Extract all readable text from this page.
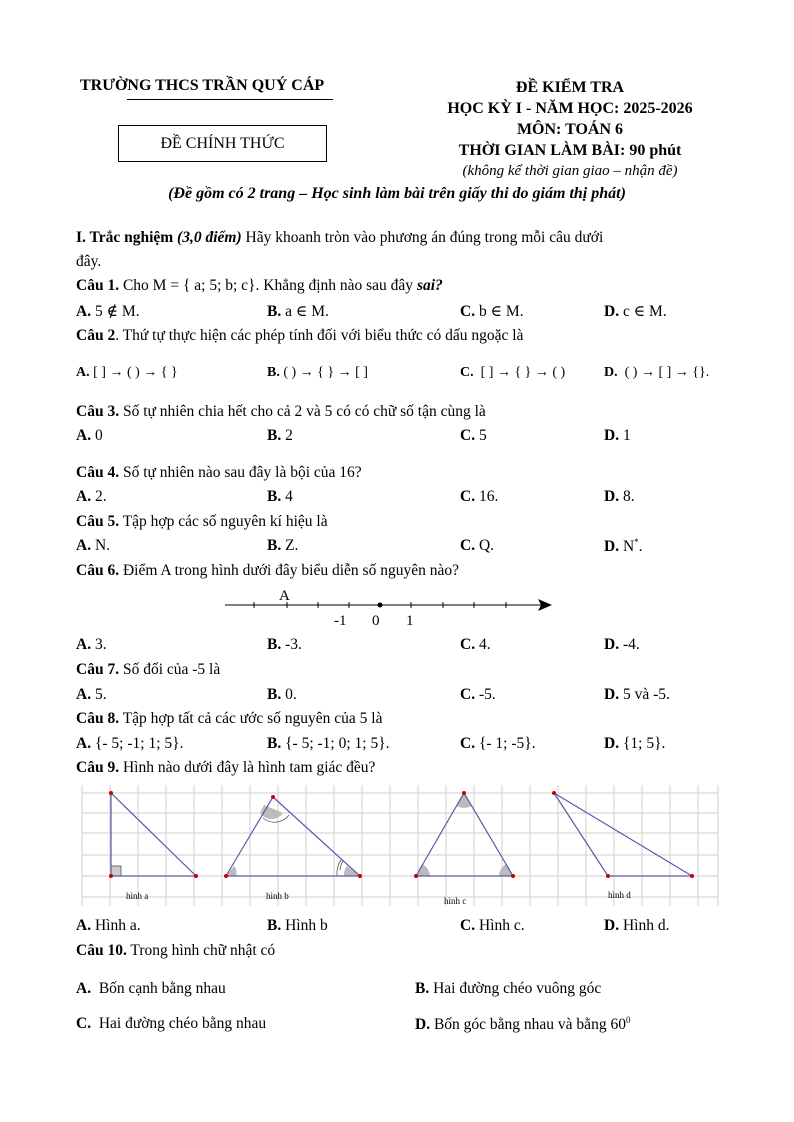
TRƯỜNG THCS TRẦN QUÝ CÁP
ĐỀ CHÍNH THỨC
ĐỀ KIỂM TRA
HỌC KỲ I - NĂM HỌC: 2025-2026
MÔN: TOÁN 6
THỜI GIAN LÀM BÀI: 90 phút
(không kể thời gian giao – nhận đề)
(Đề gồm có 2 trang – Học sinh làm bài trên giấy thi do giám thị phát)
I. Trắc nghiệm (3,0 điểm) Hãy khoanh tròn vào phương án đúng trong mỗi câu dưới
đây.
Câu 1. Cho M = { a; 5; b; c}. Khẳng định nào sau đây sai?
A. 5 ∉ M.	B. a ∈ M.	C. b ∈ M.	D. c ∈ M.
Câu 2. Thứ tự thực hiện các phép tính đối với biểu thức có dấu ngoặc là
A. [ ] → ( ) → { }	B. ( ) → { } → [ ]	C. [ ] → { } → ( )	D. ( ) → [ ] → {}.
Câu 3. Số tự nhiên chia hết cho cả 2 và 5 có có chữ số tận cùng là
A. 0	B. 2	C. 5	D. 1
Câu 4. Số tự nhiên nào sau đây là bội của 16?
A. 2.	B. 4	C. 16.	D. 8.
Câu 5. Tập hợp các số nguyên kí hiệu là
A. N.	B. Z.	C. Q.	D. N*.
Câu 6. Điểm A trong hình dưới đây biểu diễn số nguyên nào?
A
-1 0 1
A. 3.	B. -3.	C. 4.	D. -4.
Câu 7. Số đối của -5 là
A. 5.	B. 0.	C. -5.	D. 5 và -5.
Câu 8. Tập hợp tất cả các ước số nguyên của 5 là
A. {- 5; -1; 1; 5}.	B. {- 5; -1; 0; 1; 5}.	C. {- 1; -5}.	D. {1; 5}.
Câu 9. Hình nào dưới đây là hình tam giác đều?
hình a	hình b	hình c
hình d
A. Hình a.	B. Hình b	C. Hình c.	D. Hình d.
Câu 10. Trong hình chữ nhật có
A. Bốn cạnh bằng nhau	B. Hai đường chéo vuông góc
C. Hai đường chéo bằng nhau	D. Bốn góc bằng nhau và bằng $60^0$
